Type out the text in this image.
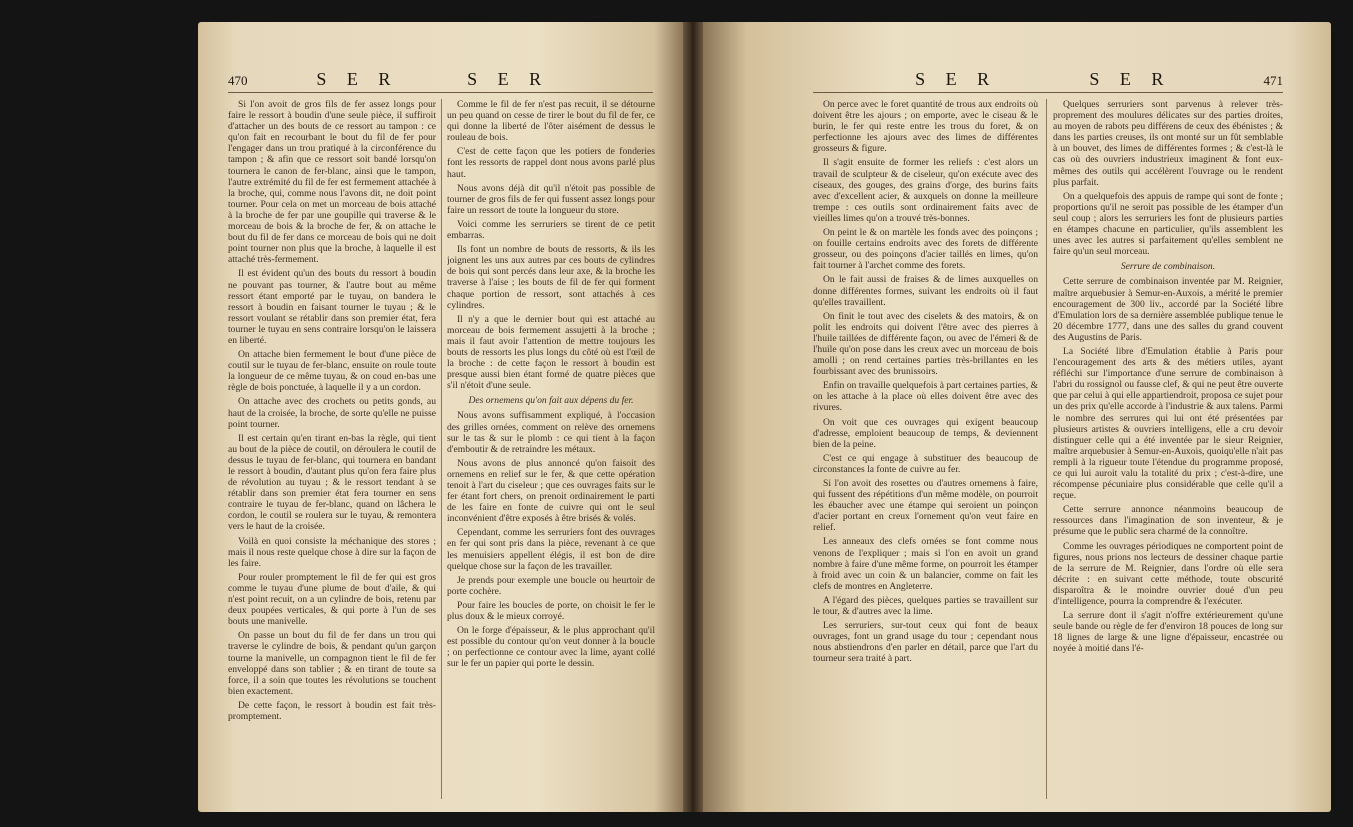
470	S E R	S E R

Si l'on avoit de gros fils de fer assez longs pour faire le ressort à boudin d'une seule pièce, il suffiroit d'attacher un des bouts de ce ressort au tampon : ce qu'on fait en recourbant le bout du fil de fer pour l'engager dans un trou pratiqué à la circonférence du tampon ; & afin que ce ressort soit bandé lorsqu'on tournera le canon de fer-blanc, ainsi que le tampon, l'autre extrémité du fil de fer est fermement attachée à la broche, qui, comme nous l'avons dit, ne doit point tourner. Pour cela on met un morceau de bois attaché à la broche de fer par une goupille qui traverse & le morceau de bois & la broche de fer, & on attache le bout du fil de fer dans ce morceau de bois qui ne doit point tourner non plus que la broche, à laquelle il est attaché très-fermement.

Il est évident qu'un des bouts du ressort à boudin ne pouvant pas tourner, & l'autre bout au même ressort étant emporté par le tuyau, on bandera le ressort à boudin en faisant tourner le tuyau ; & le ressort voulant se rétablir dans son premier état, fera tourner le tuyau en sens contraire lorsqu'on le laissera en liberté.

On attache bien fermement le bout d'une pièce de coutil sur le tuyau de fer-blanc, ensuite on roule toute la longueur de ce même tuyau, & on coud en-bas une règle de bois ponctuée, à laquelle il y a un cordon.

On attache avec des crochets ou petits gonds, au haut de la croisée, la broche, de sorte qu'elle ne puisse point tourner.

Il est certain qu'en tirant en-bas la règle, qui tient au bout de la pièce de coutil, on déroulera le coutil de dessus le tuyau de fer-blanc, qui tournera en bandant le ressort à boudin, d'autant plus qu'on fera faire plus de révolution au tuyau ; & le ressort tendant à se rétablir dans son premier état fera tourner en sens contraire le tuyau de fer-blanc, quand on lâchera le cordon, le coutil se roulera sur le tuyau, & remontera vers le haut de la croisée.

Voilà en quoi consiste la méchanique des stores ; mais il nous reste quelque chose à dire sur la façon de les faire.

Pour rouler promptement le fil de fer qui est gros comme le tuyau d'une plume de bout d'aile, & qui n'est point recuit, on a un cylindre de bois, retenu par deux poupées verticales, & qui porte à l'un de ses bouts une manivelle.

On passe un bout du fil de fer dans un trou qui traverse le cylindre de bois, & pendant qu'un garçon tourne la manivelle, un compagnon tient le fil de fer enveloppé dans son tablier ; & en tirant de toute sa force, il a soin que toutes les révolutions se touchent bien exactement.

De cette façon, le ressort à boudin est fait très-promptement.

Comme le fil de fer n'est pas recuit, il se détourne un peu quand on cesse de tirer le bout du fil de fer, ce qui donne la liberté de l'ôter aisément de dessus le rouleau de bois.

C'est de cette façon que les potiers de fonderies font les ressorts de rappel dont nous avons parlé plus haut.

Nous avons déjà dit qu'il n'étoit pas possible de tourner de gros fils de fer qui fussent assez longs pour faire un ressort de toute la longueur du store.

Voici comme les serruriers se tirent de ce petit embarras.

Ils font un nombre de bouts de ressorts, & ils les joignent les uns aux autres par ces bouts de cylindres de bois qui sont percés dans leur axe, & la broche les traverse à l'aise ; les bouts de fil de fer qui forment chaque portion de ressort, sont attachés à ces cylindres.

Il n'y a que le dernier bout qui est attaché au morceau de bois fermement assujetti à la broche ; mais il faut avoir l'attention de mettre toujours les bouts de ressorts les plus longs du côté où est l'œil de la broche : de cette façon le ressort à boudin est presque aussi bien étant formé de quatre pièces que s'il n'étoit d'une seule.

Des ornemens qu'on fait aux dépens du fer.

Nous avons suffisamment expliqué, à l'occasion des grilles ornées, comment on relève des ornemens sur le tas & sur le plomb : ce qui tient à la façon d'emboutir & de retraindre les métaux.

Nous avons de plus annoncé qu'on faisoit des ornemens en relief sur le fer, & que cette opération tenoit à l'art du ciseleur ; que ces ouvrages faits sur le fer étant fort chers, on prenoit ordinairement le parti de les faire en fonte de cuivre qui ont le seul inconvénient d'être exposés à être brisés & volés.

Cependant, comme les serruriers font des ouvrages en fer qui sont pris dans la pièce, revenant à ce que les menuisiers appellent élégis, il est bon de dire quelque chose sur la façon de les travailler.

Je prends pour exemple une boucle ou heurtoir de porte cochère.

Pour faire les boucles de porte, on choisit le fer le plus doux & le mieux corroyé.

On le forge d'épaisseur, & le plus approchant qu'il est possible du contour qu'on veut donner à la boucle ; on perfectionne ce contour avec la lime, ayant collé sur le fer un papier qui porte le dessin.

S E R	S E R	471

On perce avec le foret quantité de trous aux endroits où doivent être les ajours ; on emporte, avec le ciseau & le burin, le fer qui reste entre les trous du foret, & on perfectionne les ajours avec des limes de différentes grosseurs & figure.

Il s'agit ensuite de former les reliefs : c'est alors un travail de sculpteur & de ciseleur, qu'on exécute avec des ciseaux, des gouges, des grains d'orge, des burins faits avec d'excellent acier, & auxquels on donne la meilleure trempe : ces outils sont ordinairement faits avec de vieilles limes qu'on a trouvé très-bonnes.

On peint le & on martèle les fonds avec des poinçons ; on fouille certains endroits avec des forets de différente grosseur, ou des poinçons d'acier taillés en limes, qu'on fait tourner à l'archet comme des forets.

On le fait aussi de fraises & de limes auxquelles on donne différentes formes, suivant les endroits où il faut qu'elles travaillent.

On finit le tout avec des ciselets & des matoirs, & on polit les endroits qui doivent l'être avec des pierres à l'huile taillées de différente façon, ou avec de l'émeri & de l'huile qu'on pose dans les creux avec un morceau de bois amolli ; on rend certaines parties très-brillantes en les fourbissant avec des brunissoirs.

Enfin on travaille quelquefois à part certaines parties, & on les attache à la place où elles doivent être avec des rivures.

On voit que ces ouvrages qui exigent beaucoup d'adresse, emploient beaucoup de temps, & deviennent bien de la peine.

C'est ce qui engage à substituer des beaucoup de circonstances la fonte de cuivre au fer.

Si l'on avoit des rosettes ou d'autres ornemens à faire, qui fussent des répétitions d'un même modèle, on pourroit les ébaucher avec une étampe qui seroient un poinçon d'acier portant en creux l'ornement qu'on veut faire en relief.

Les anneaux des clefs ornées se font comme nous venons de l'expliquer ; mais si l'on en avoit un grand nombre à faire d'une même forme, on pourroit les étamper à froid avec un coin & un balancier, comme on fait les clefs de montres en Angleterre.

A l'égard des pièces, quelques parties se travaillent sur le tour, & d'autres avec la lime.

Les serruriers, sur-tout ceux qui font de beaux ouvrages, font un grand usage du tour ; cependant nous nous abstiendrons d'en parler en détail, parce que l'art du tourneur sera traité à part.

Quelques serruriers sont parvenus à relever très-proprement des moulures délicates sur des parties droites, au moyen de rabots peu différens de ceux des ébénistes ; & dans les parties creuses, ils ont monté sur un fût semblable à un bouvet, des limes de différentes formes ; & c'est-là le cas où des ouvriers industrieux imaginent & font eux-mêmes des outils qui accélèrent l'ouvrage ou le rendent plus parfait.

On a quelquefois des appuis de rampe qui sont de fonte ; proportions qu'il ne seroit pas possible de les étamper d'un seul coup ; alors les serruriers les font de plusieurs parties en étampes chacune en particulier, qu'ils assemblent les unes avec les autres si parfaitement qu'elles semblent ne faire qu'un seul morceau.

Serrure de combinaison.

Cette serrure de combinaison inventée par M. Reignier, maître arquebusier à Semur-en-Auxois, a mérité le premier encouragement de 300 liv., accordé par la Société libre d'Emulation lors de sa dernière assemblée publique tenue le 20 décembre 1777, dans une des salles du grand couvent des Augustins de Paris.

La Société libre d'Emulation établie à Paris pour l'encouragement des arts & des métiers utiles, ayant réfléchi sur l'importance d'une serrure de combinaison à l'abri du rossignol ou fausse clef, & qui ne peut être ouverte que par celui à qui elle appartiendroit, proposa ce sujet pour un des prix qu'elle accorde à l'industrie & aux talens. Parmi le nombre des serrures qui lui ont été présentées par plusieurs artistes & ouvriers intelligens, elle a cru devoir distinguer celle qui a été inventée par le sieur Reignier, maître arquebusier à Semur-en-Auxois, quoiqu'elle n'ait pas rempli à la rigueur toute l'étendue du programme proposé, ce qui lui auroit valu la totalité du prix ; c'est-à-dire, une récompense pécuniaire plus considérable que celle qu'il a reçue.

Cette serrure annonce néanmoins beaucoup de ressources dans l'imagination de son inventeur, & je présume que le public sera charmé de la connoître.

Comme les ouvrages périodiques ne comportent point de figures, nous prions nos lecteurs de dessiner chaque partie de la serrure de M. Reignier, dans l'ordre où elle sera décrite : en suivant cette méthode, toute obscurité disparoîtra & le moindre ouvrier doué d'un peu d'intelligence, pourra la comprendre & l'exécuter.

La serrure dont il s'agit n'offre extérieurement qu'une seule bande ou règle de fer d'environ 18 pouces de long sur 18 lignes de large & une ligne d'épaisseur, encastrée ou noyée à moitié dans l'é-
